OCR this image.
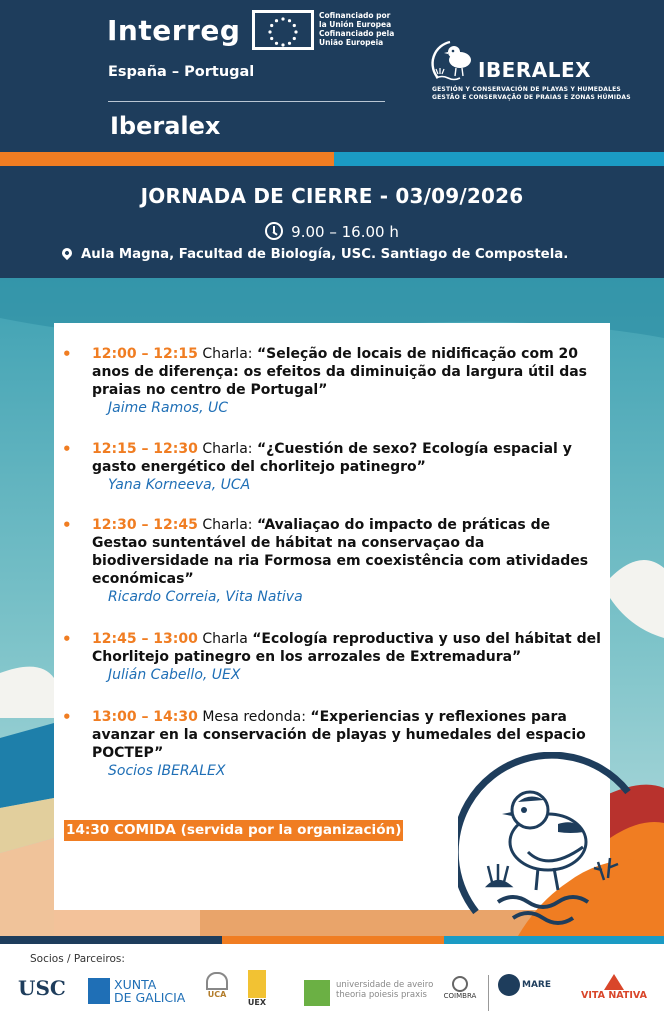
Interreg	Cofinanciado por
la Unión Europea
Cofinanciado pela
União Europeia
España – Portugal
Iberalex
IBERALEX
GESTIÓN Y CONSERVACIÓN DE PLAYAS Y HUMEDALES
GESTÃO E CONSERVAÇÃO DE PRAIAS E ZONAS HÚMIDAS
JORNADA DE CIERRE - 03/09/2026
9.00 – 16.00 h
Aula Magna, Facultad de Biología, USC. Santiago de Compostela.
• 12:00 – 12:15 Charla: “Seleção de locais de nidificação com 20 anos de diferença: os efeitos da diminuição da largura útil das praias no centro de Portugal”
Jaime Ramos, UC
• 12:15 – 12:30 Charla: “¿Cuestión de sexo? Ecología espacial y gasto energético del chorlitejo patinegro”
Yana Korneeva, UCA
• 12:30 – 12:45 Charla: “Avaliaçao do impacto de práticas de Gestao suntentável de hábitat na conservaçao da biodiversidade na ria Formosa em coexistência com atividades económicas”
Ricardo Correia, Vita Nativa
• 12:45 – 13:00 Charla “Ecología reproductiva y uso del hábitat del Chorlitejo patinegro en los arrozales de Extremadura”
Julián Cabello, UEX
• 13:00 – 14:30 Mesa redonda: “Experiencias y reflexiones para avanzar en la conservación de playas y humedales del espacio POCTEP”
Socios IBERALEX
14:30 COMIDA (servida por la organización)
Socios / Parceiros:
USC	XUNTA
DE GALICIA	UCA
UEX
universidade de aveiro
theoria poiesis praxis	COIMBRA
MARE
VITA NATIVA
